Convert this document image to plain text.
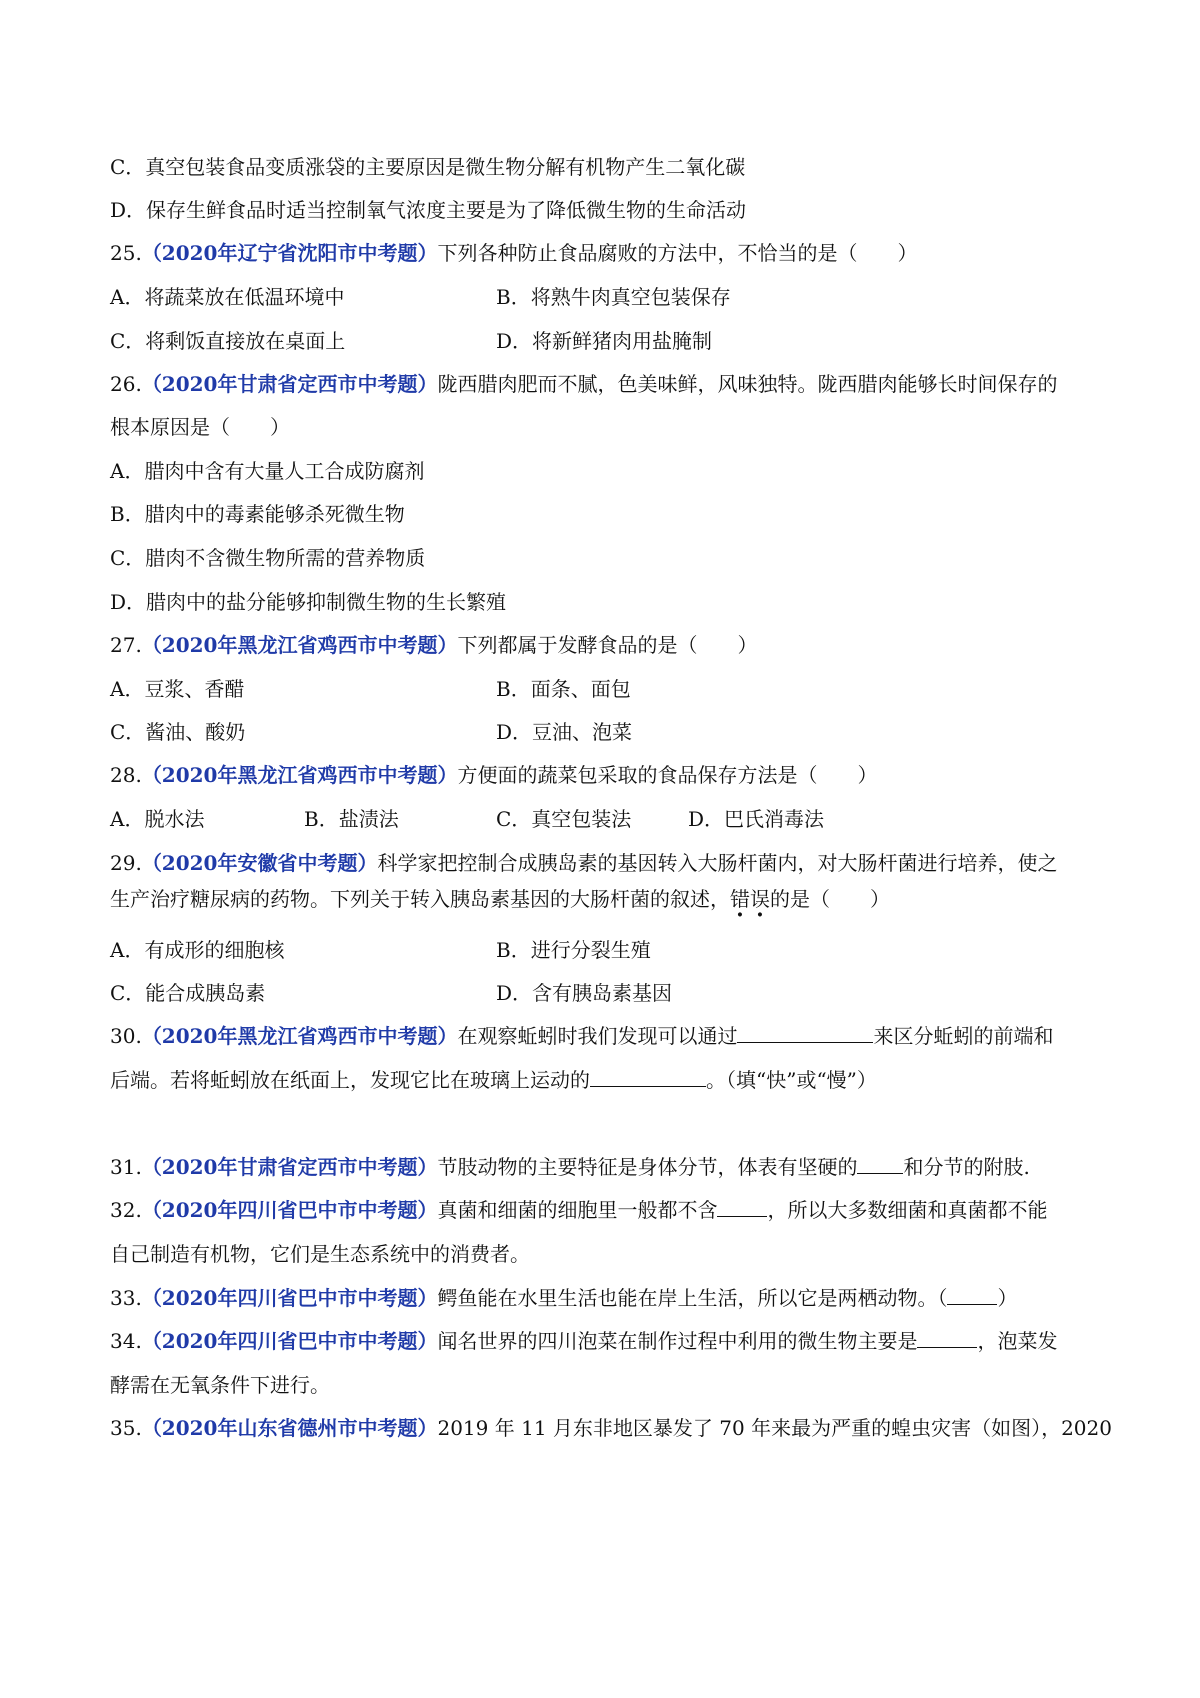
C．真空包装食品变质涨袋的主要原因是微生物分解有机物产生二氧化碳
D．保存生鲜食品时适当控制氧气浓度主要是为了降低微生物的生命活动
25.（2020年辽宁省沈阳市中考题）下列各种防止食品腐败的方法中，不恰当的是（　　）
A．将蔬菜放在低温环境中	B．将熟牛肉真空包装保存
C．将剩饭直接放在桌面上	D．将新鲜猪肉用盐腌制
26.（2020年甘肃省定西市中考题）陇西腊肉肥而不腻，色美味鲜，风味独特。陇西腊肉能够长时间保存的
根本原因是（　　）
A．腊肉中含有大量人工合成防腐剂
B．腊肉中的毒素能够杀死微生物
C．腊肉不含微生物所需的营养物质
D．腊肉中的盐分能够抑制微生物的生长繁殖
27.（2020年黑龙江省鸡西市中考题）下列都属于发酵食品的是（　　）
A．豆浆、香醋	B．面条、面包
C．酱油、酸奶	D．豆油、泡菜
28.（2020年黑龙江省鸡西市中考题）方便面的蔬菜包采取的食品保存方法是（　　）
A．脱水法	B．盐渍法	C．真空包装法	D．巴氏消毒法
29.（2020年安徽省中考题）科学家把控制合成胰岛素的基因转入大肠杆菌内，对大肠杆菌进行培养，使之
生产治疗糖尿病的药物。下列关于转入胰岛素基因的大肠杆菌的叙述，错误的是（　　）
A．有成形的细胞核	B．进行分裂生殖
C．能合成胰岛素	D．含有胰岛素基因
30.（2020年黑龙江省鸡西市中考题）在观察蚯蚓时我们发现可以通过	来区分蚯蚓的前端和
后端。若将蚯蚓放在纸面上，发现它比在玻璃上运动的	。（填“快”或“慢”）
31.（2020年甘肃省定西市中考题）节肢动物的主要特征是身体分节，体表有坚硬的 和分节的附肢.
32.（2020年四川省巴中市中考题）真菌和细菌的细胞里一般都不含	，所以大多数细菌和真菌都不能
自己制造有机物，它们是生态系统中的消费者。
33.（2020年四川省巴中市中考题）鳄鱼能在水里生活也能在岸上生活，所以它是两栖动物。（	）
34.（2020年四川省巴中市中考题）闻名世界的四川泡菜在制作过程中利用的微生物主要是	，泡菜发
酵需在无氧条件下进行。
35.（2020年山东省德州市中考题）2019 年 11 月东非地区暴发了 70 年来最为严重的蝗虫灾害（如图），2020
